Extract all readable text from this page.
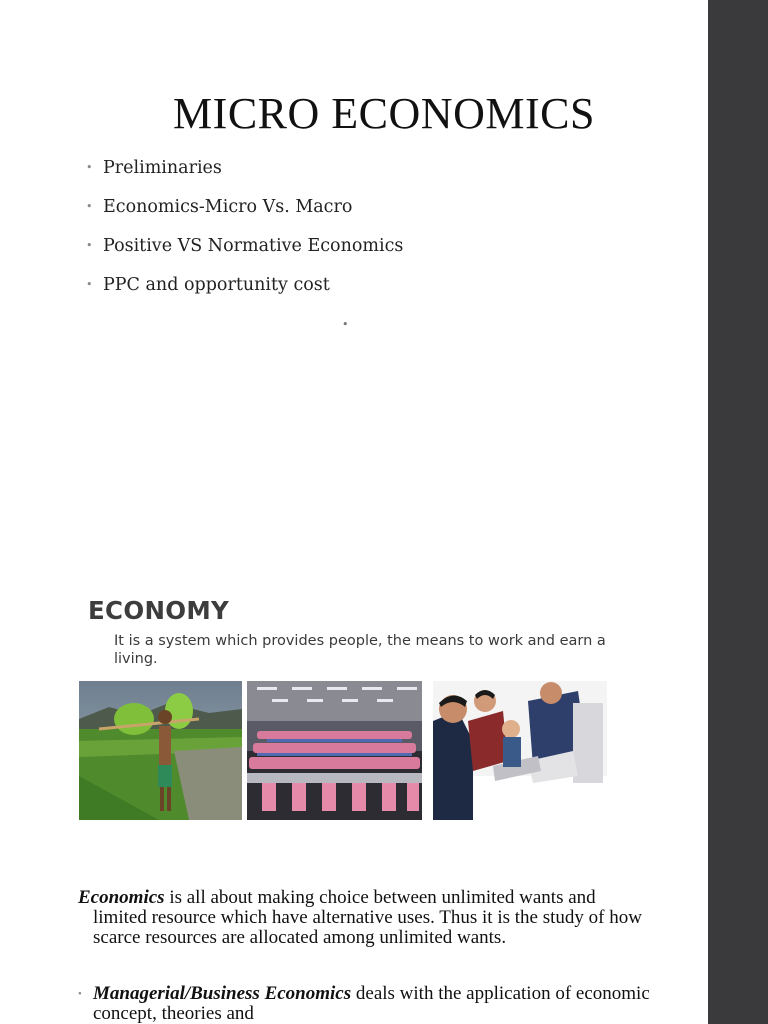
MICRO ECONOMICS
• Preliminaries
• Economics-Micro Vs. Macro
• Positive VS Normative Economics
• PPC and opportunity cost
•
ECONOMY
It is a system which provides people, the means to work and earn a living.
Economics is all about making choice between unlimited wants and limited resource which have alternative uses. Thus it is the study of how scarce resources are allocated among unlimited wants.
• Managerial/Business Economics deals with the application of economic concept, theories and
